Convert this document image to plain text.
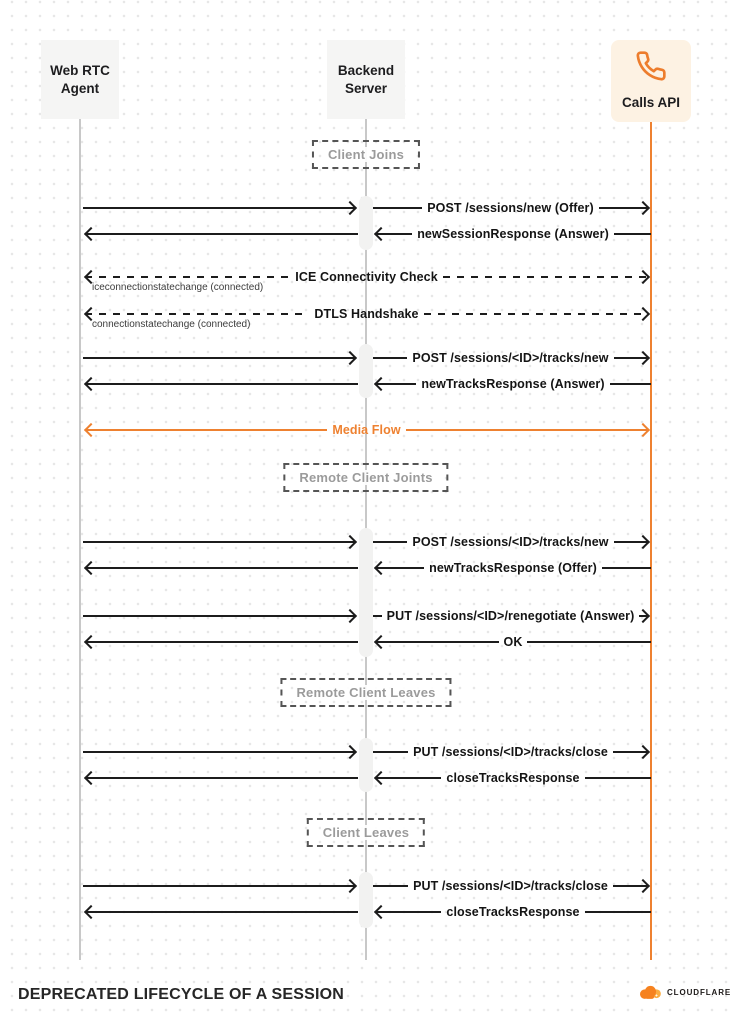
DEPRECATED LIFECYCLE OF A SESSION	CLOUDFLARE
Web RTC
Agent
Backend
Server
Calls API
Client Joins
Remote Client Joints
Remote Client Leaves
Client Leaves
POST /sessions/new (Offer)
newSessionResponse (Answer)
ICE Connectivity Check
iceconnectionstatechange (connected)
DTLS Handshake
connectionstatechange (connected)
POST /sessions/<ID>/tracks/new
newTracksResponse (Answer)
Media Flow
POST /sessions/<ID>/tracks/new
newTracksResponse (Offer)
PUT /sessions/<ID>/renegotiate (Answer)
OK
PUT /sessions/<ID>/tracks/close
closeTracksResponse
PUT /sessions/<ID>/tracks/close
closeTracksResponse
